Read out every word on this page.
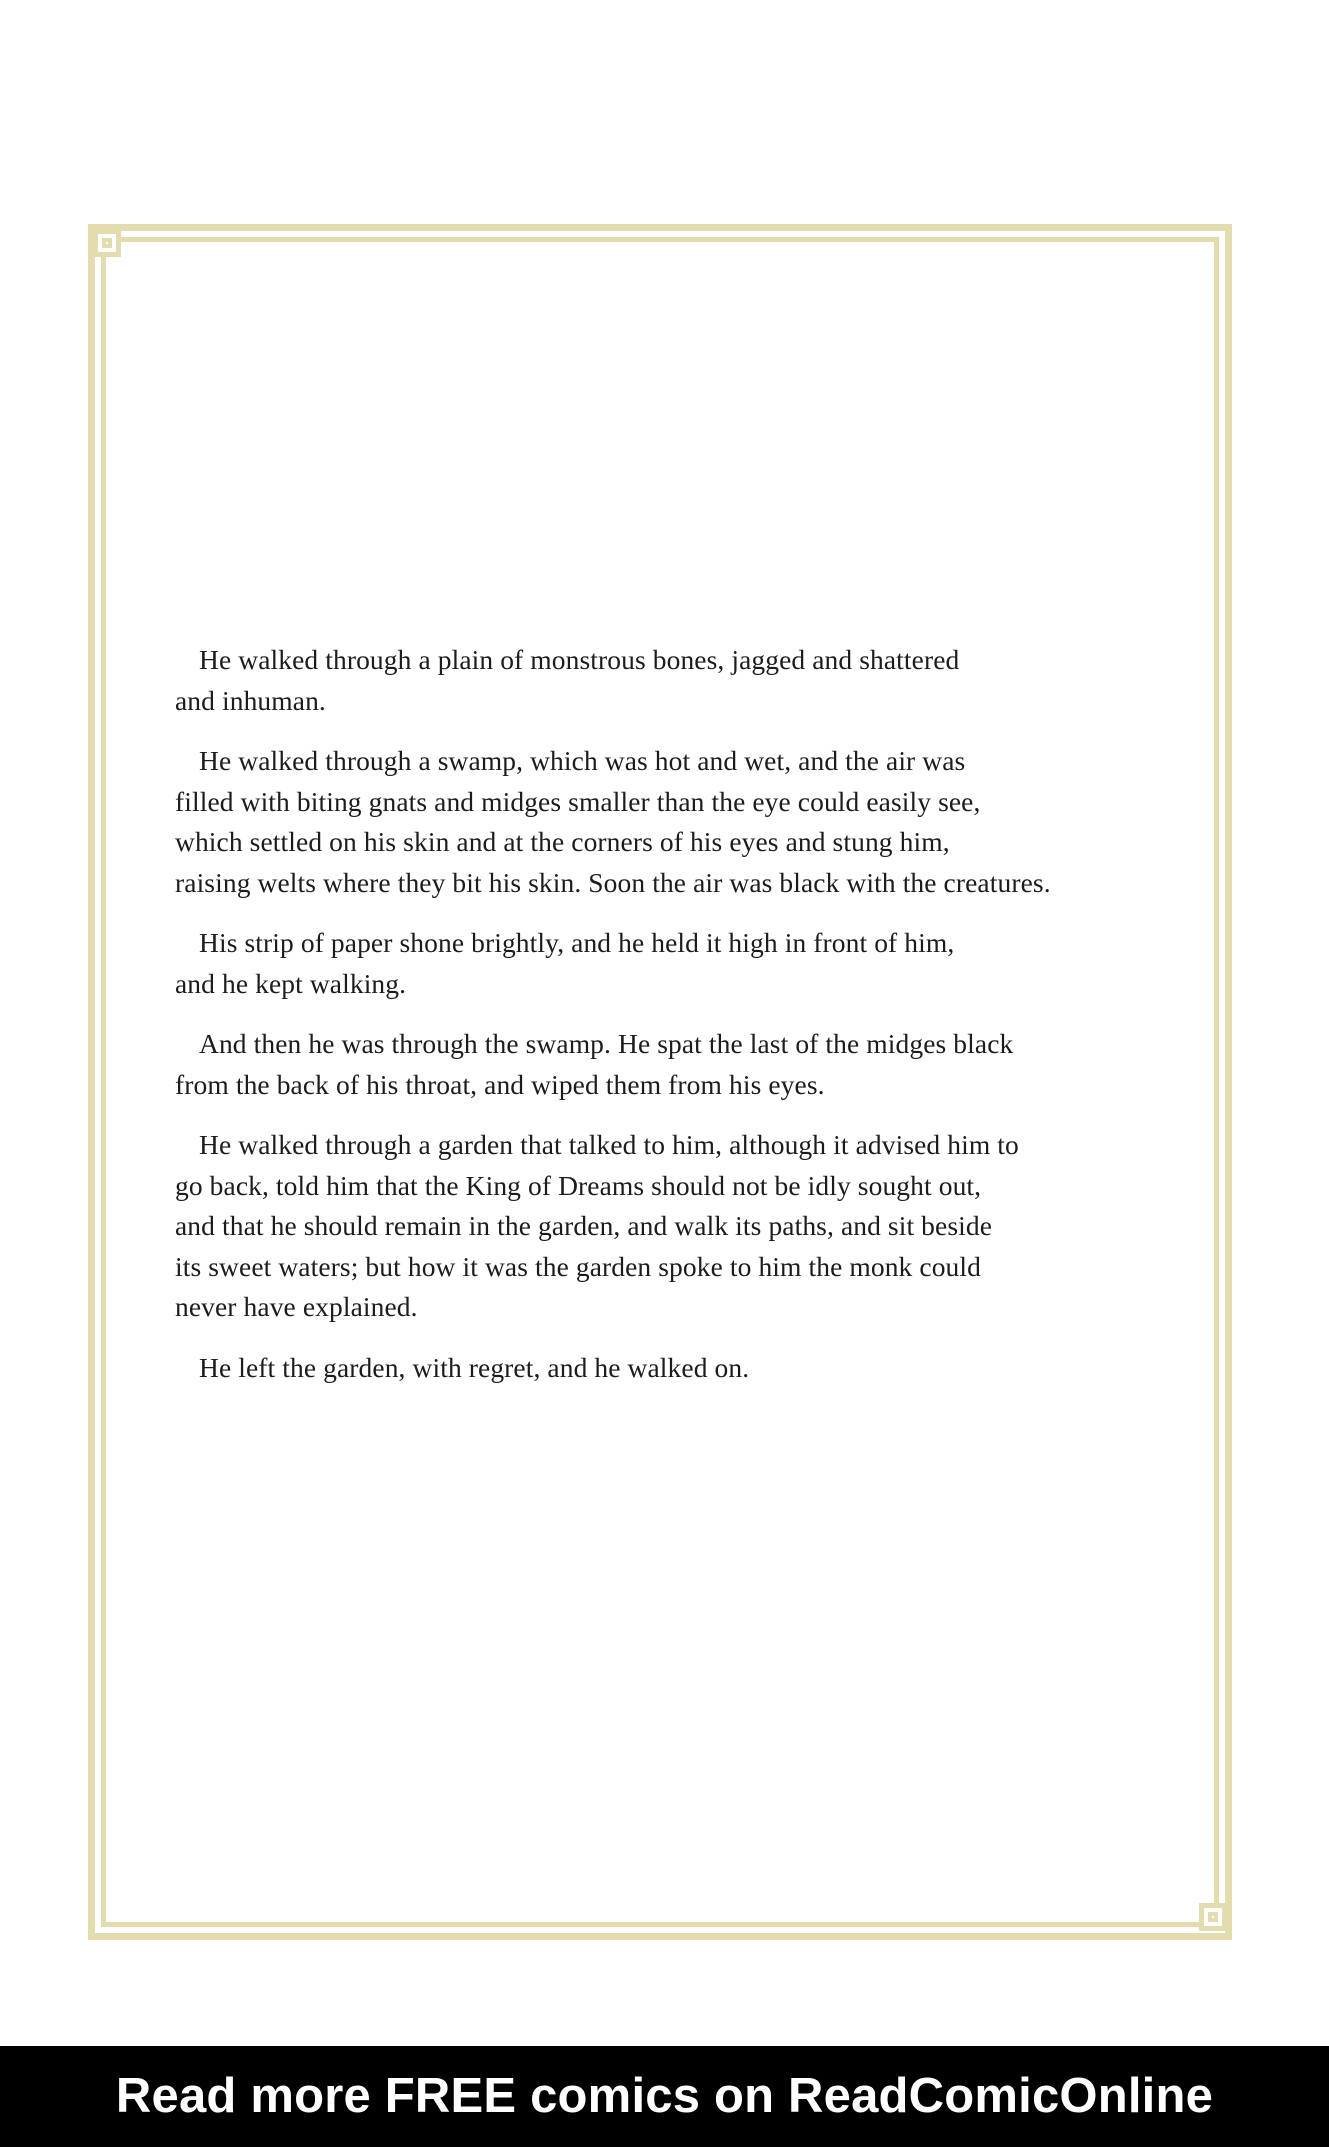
He walked through a plain of monstrous bones, jagged and shattered
and inhuman.

He walked through a swamp, which was hot and wet, and the air was
filled with biting gnats and midges smaller than the eye could easily see,
which settled on his skin and at the corners of his eyes and stung him,
raising welts where they bit his skin. Soon the air was black with the creatures.

His strip of paper shone brightly, and he held it high in front of him,
and he kept walking.

And then he was through the swamp. He spat the last of the midges black
from the back of his throat, and wiped them from his eyes.

He walked through a garden that talked to him, although it advised him to
go back, told him that the King of Dreams should not be idly sought out,
and that he should remain in the garden, and walk its paths, and sit beside
its sweet waters; but how it was the garden spoke to him the monk could
never have explained.

He left the garden, with regret, and he walked on.

Read more FREE comics on ReadComicOnline
